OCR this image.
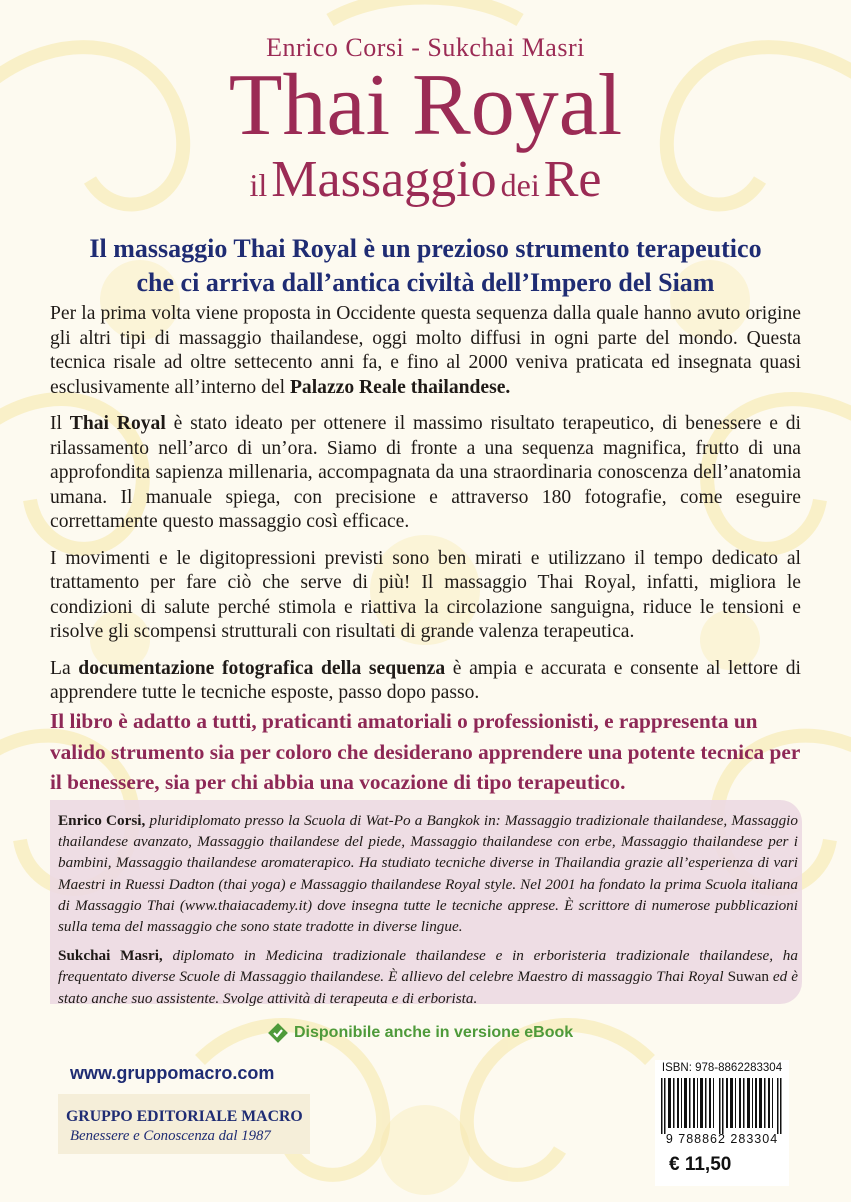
Enrico Corsi - Sukchai Masri
Thai Royal
il Massaggio dei Re
Il massaggio Thai Royal è un prezioso strumento terapeutico
che ci arriva dall’antica civiltà dell’Impero del Siam

Per la prima volta viene proposta in Occidente questa sequenza dalla quale hanno avuto origine gli altri tipi di massaggio thailandese, oggi molto diffusi in ogni parte del mondo. Questa tecnica risale ad oltre settecento anni fa, e fino al 2000 veniva praticata ed insegnata quasi esclusivamente all’interno del Palazzo Reale thailandese.

Il Thai Royal è stato ideato per ottenere il massimo risultato terapeutico, di benessere e di rilassamento nell’arco di un’ora. Siamo di fronte a una sequenza magnifica, frutto di una approfondita sapienza millenaria, accompagnata da una straordinaria conoscenza dell’anatomia umana. Il manuale spiega, con precisione e attraverso 180 fotografie, come eseguire correttamente questo massaggio così efficace.

I movimenti e le digitopressioni previsti sono ben mirati e utilizzano il tempo dedicato al trattamento per fare ciò che serve di più! Il massaggio Thai Royal, infatti, migliora le condizioni di salute perché stimola e riattiva la circolazione sanguigna, riduce le tensioni e risolve gli scompensi strutturali con risultati di grande valenza terapeutica.

La documentazione fotografica della sequenza è ampia e accurata e consente al lettore di apprendere tutte le tecniche esposte, passo dopo passo.

Il libro è adatto a tutti, praticanti amatoriali o professionisti, e rappresenta un valido strumento sia per coloro che desiderano apprendere una potente tecnica per il benessere, sia per chi abbia una vocazione di tipo terapeutico.

Enrico Corsi, pluridiplomato presso la Scuola di Wat-Po a Bangkok in: Massaggio tradizionale thailandese, Massaggio thailandese avanzato, Massaggio thailandese del piede, Massaggio thailandese con erbe, Massaggio thailandese per i bambini, Massaggio thailandese aromaterapico. Ha studiato tecniche diverse in Thailandia grazie all’esperienza di vari Maestri in Ruessi Dadton (thai yoga) e Massaggio thailandese Royal style. Nel 2001 ha fondato la prima Scuola italiana di Massaggio Thai (www.thaiacademy.it) dove insegna tutte le tecniche apprese. È scrittore di numerose pubblicazioni sulla tema del massaggio che sono state tradotte in diverse lingue.

Sukchai Masri, diplomato in Medicina tradizionale thailandese e in erboristeria tradizionale thailandese, ha frequentato diverse Scuole di Massaggio thailandese. È allievo del celebre Maestro di massaggio Thai Royal Suwan ed è stato anche suo assistente. Svolge attività di terapeuta e di erborista.

Disponibile anche in versione eBook
www.gruppomacro.com
GRUPPO EDITORIALE MACRO
Benessere e Conoscenza dal 1987
ISBN: 978-8862283304
9 788862 283304
€ 11,50
